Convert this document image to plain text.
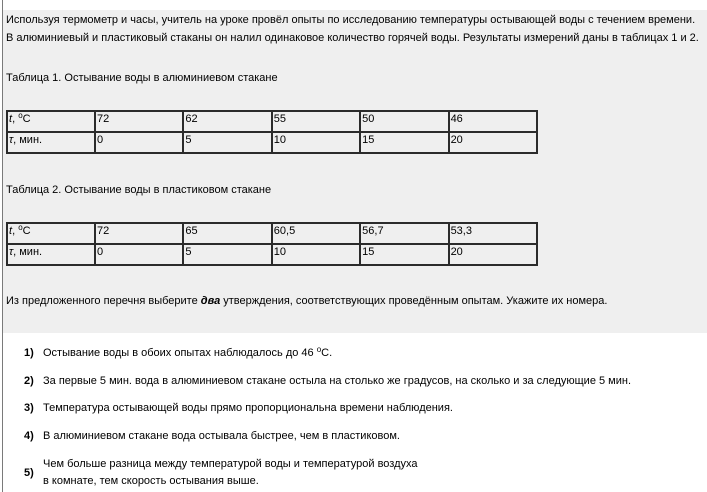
Используя термометр и часы, учитель на уроке провёл опыты по исследованию температуры остывающей воды с течением времени.
В алюминиевый и пластиковый стаканы он налил одинаковое количество горячей воды. Результаты измерений даны в таблицах 1 и 2.
Таблица 1. Остывание воды в алюминиевом стакане
t, $^o$C	72	62	55	50	46
τ, мин.	0	5	10	15	20
Таблица 2. Остывание воды в пластиковом стакане
t, $^o$C	72	65	60,5	56,7	53,3
τ, мин.	0	5	10	15	20
Из предложенного перечня выберите два утверждения, соответствующих проведённым опытам. Укажите их номера.
1) Остывание воды в обоих опытах наблюдалось до 46 $^o$С.
2) За первые 5 мин. вода в алюминиевом стакане остыла на столько же градусов, на сколько и за следующие 5 мин.
3) Температура остывающей воды прямо пропорциональна времени наблюдения.
4) В алюминиевом стакане вода остывала быстрее, чем в пластиковом.
5)
Чем больше разница между температурой воды и температурой воздуха
в комнате, тем скорость остывания выше.
